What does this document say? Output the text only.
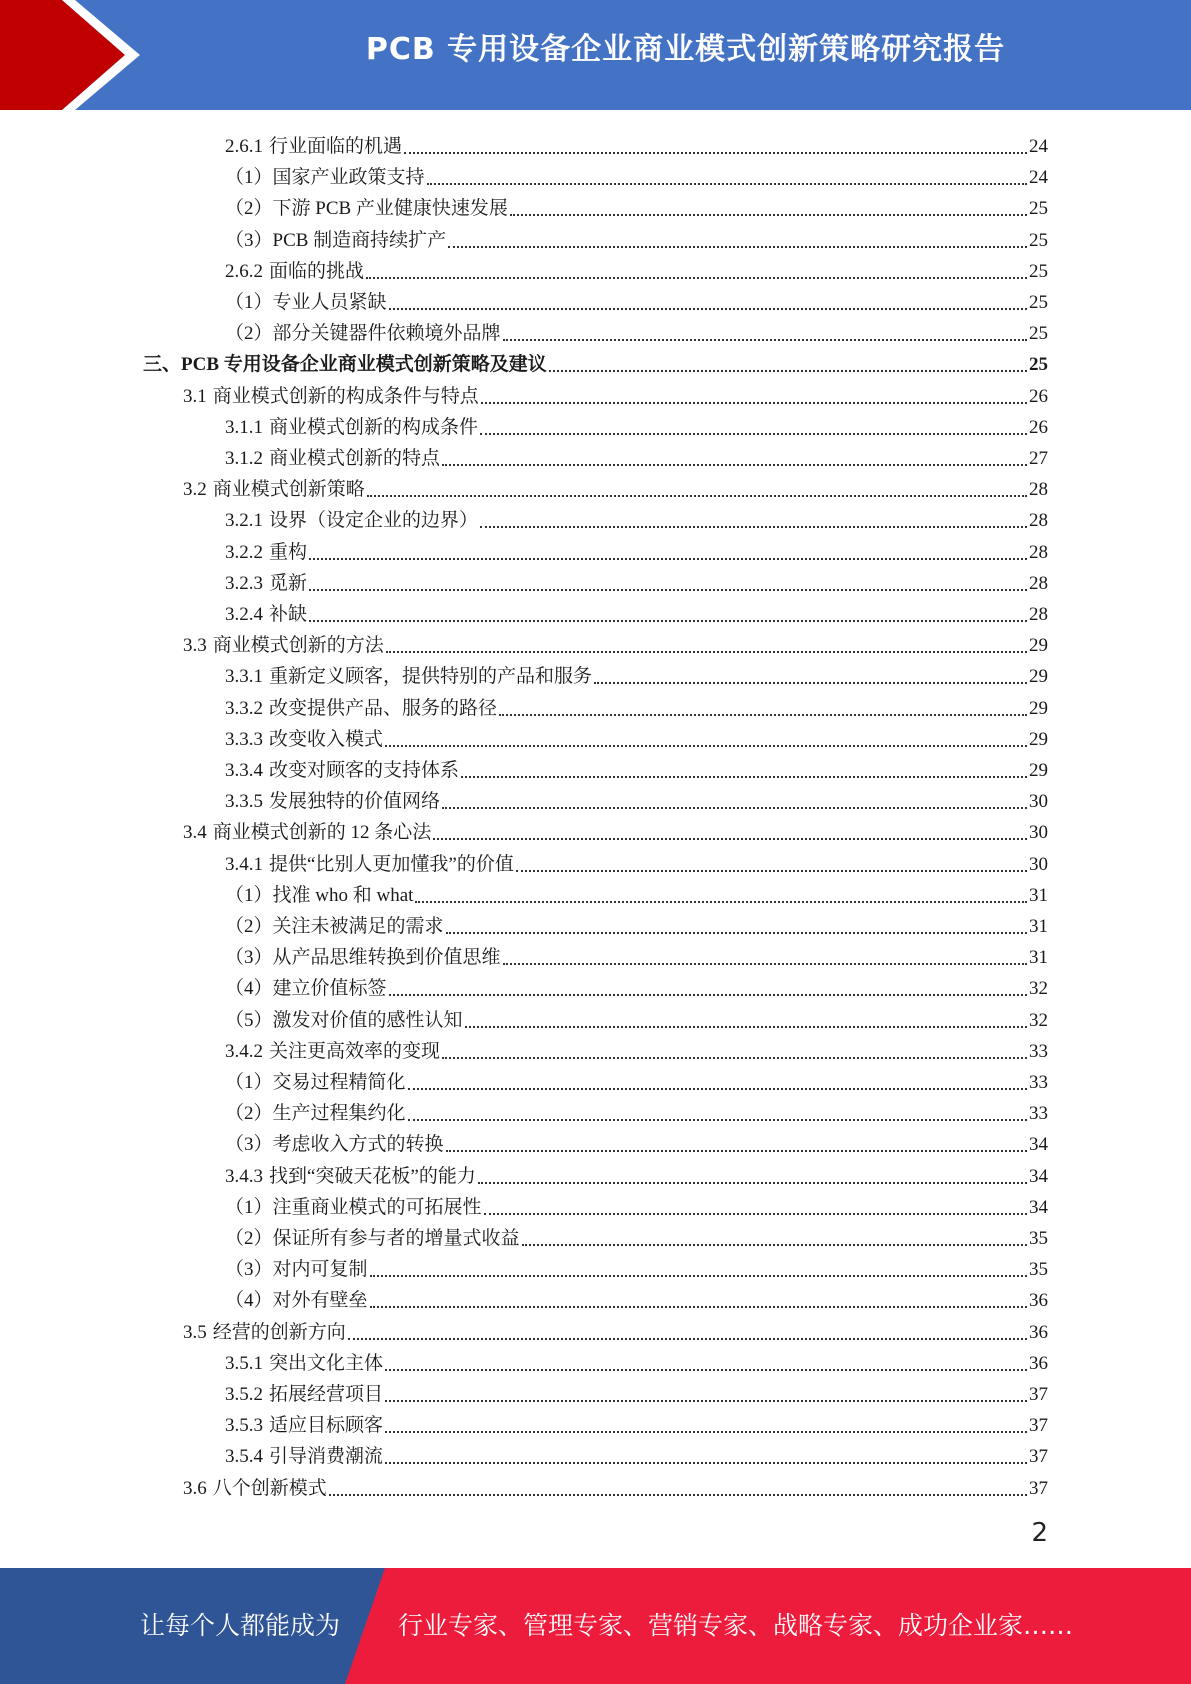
PCB 专用设备企业商业模式创新策略研究报告
2.6.1 行业面临的机遇	24
（1）国家产业政策支持	24
（2）下游 PCB 产业健康快速发展	25
（3）PCB 制造商持续扩产	25
2.6.2 面临的挑战	25
（1）专业人员紧缺	25
（2）部分关键器件依赖境外品牌	25
三、PCB 专用设备企业商业模式创新策略及建议	25
3.1 商业模式创新的构成条件与特点	26
3.1.1 商业模式创新的构成条件	26
3.1.2 商业模式创新的特点	27
3.2 商业模式创新策略	28
3.2.1 设界（设定企业的边界）	28
3.2.2 重构	28
3.2.3 觅新	28
3.2.4 补缺	28
3.3 商业模式创新的方法	29
3.3.1 重新定义顾客，提供特别的产品和服务	29
3.3.2 改变提供产品、服务的路径	29
3.3.3 改变收入模式	29
3.3.4 改变对顾客的支持体系	29
3.3.5 发展独特的价值网络	30
3.4 商业模式创新的 12 条心法	30
3.4.1 提供“比别人更加懂我”的价值	30
（1）找准 who 和 what	31
（2）关注未被满足的需求	31
（3）从产品思维转换到价值思维	31
（4）建立价值标签	32
（5）激发对价值的感性认知	32
3.4.2 关注更高效率的变现	33
（1）交易过程精简化	33
（2）生产过程集约化	33
（3）考虑收入方式的转换	34
3.4.3 找到“突破天花板”的能力	34
（1）注重商业模式的可拓展性	34
（2）保证所有参与者的增量式收益	35
（3）对内可复制	35
（4）对外有壁垒	36
3.5 经营的创新方向	36
3.5.1 突出文化主体	36
3.5.2 拓展经营项目	37
3.5.3 适应目标顾客	37
3.5.4 引导消费潮流	37
3.6 八个创新模式	37
2
让每个人都能成为 行业专家、管理专家、营销专家、战略专家、成功企业家……
